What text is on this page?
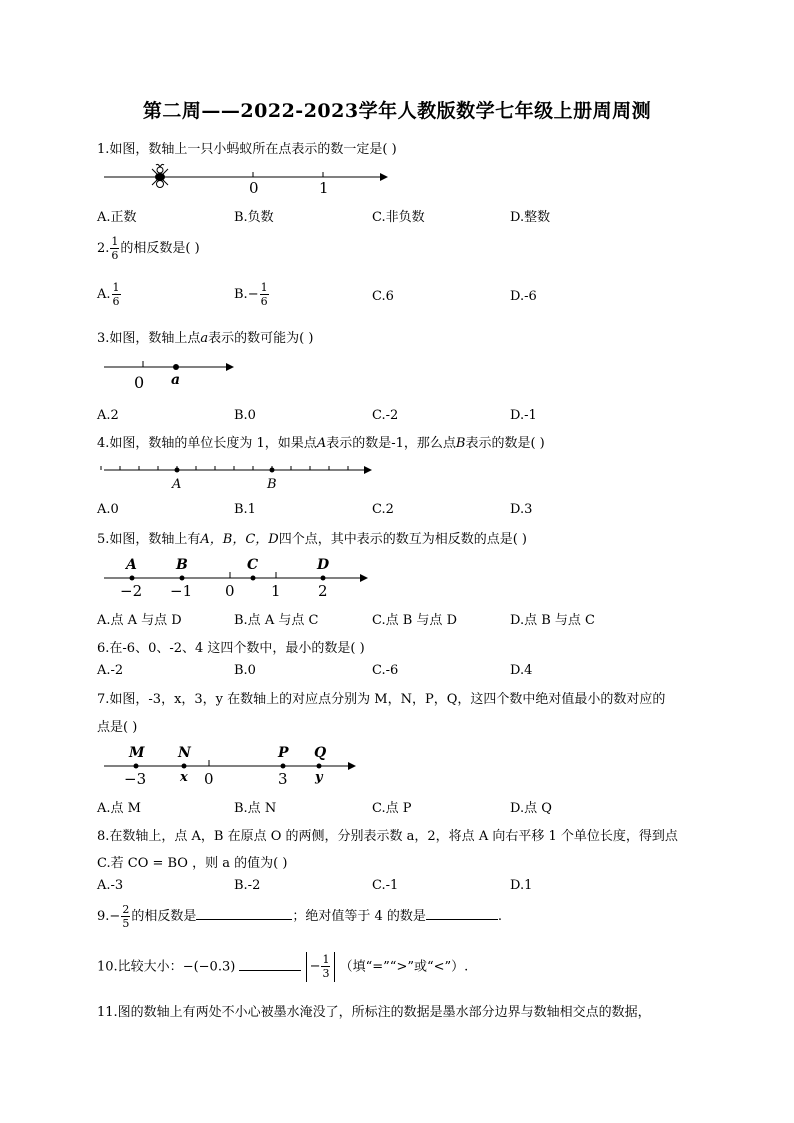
第二周——2022-2023学年人教版数学七年级上册周周测
1.如图，数轴上一只小蚂蚁所在点表示的数一定是( )
0	1
A.正数	B.负数	C.非负数	D.整数
2. $\frac{1}{6}$ 的相反数是( )
A. $\frac{1}{6}$	$B.- \frac{1}{6}$	C.6	D.-6
3.如图，数轴上点a表示的数可能为( )
0 a
A.2	B.0	C.-2	D.-1
4.如图，数轴的单位长度为 1，如果点A表示的数是-1，那么点B表示的数是( )
A	B
A.0	B.1	C.2	D.3
5.如图，数轴上有A，B，C，D四个点，其中表示的数互为相反数的点是( )
A	B	C	D
−2 −1 0 1 2
A.点 A 与点 D	B.点 A 与点 C	C.点 B 与点 D	D.点 B 与点 C
6.在-6、0、-2、4 这四个数中，最小的数是( )
A.-2	B.0	C.-6	D.4
7.如图，-3，x，3，y 在数轴上的对应点分别为 M，N，P，Q，这四个数中绝对值最小的数对应的
点是( )
M N	P Q
−3	x 0	3 y
A.点 M	B.点 N	C.点 P	D.点 Q
8.在数轴上，点 A，B 在原点 O 的两侧，分别表示数 a，2，将点 A 向右平移 1 个单位长度，得到点
C.若 CO = BO ，则 a 的值为( )
A.-3	B.-2	C.-1	D.1
$9.- \frac{2}{5}$ 的相反数是	；绝对值等于 4 的数是	.
10.比较大小：−(−0.3)	− $\frac{1}{3}$ （填“=”“>”或“<”）.
11.图的数轴上有两处不小心被墨水淹没了，所标注的数据是墨水部分边界与数轴相交点的数据，
